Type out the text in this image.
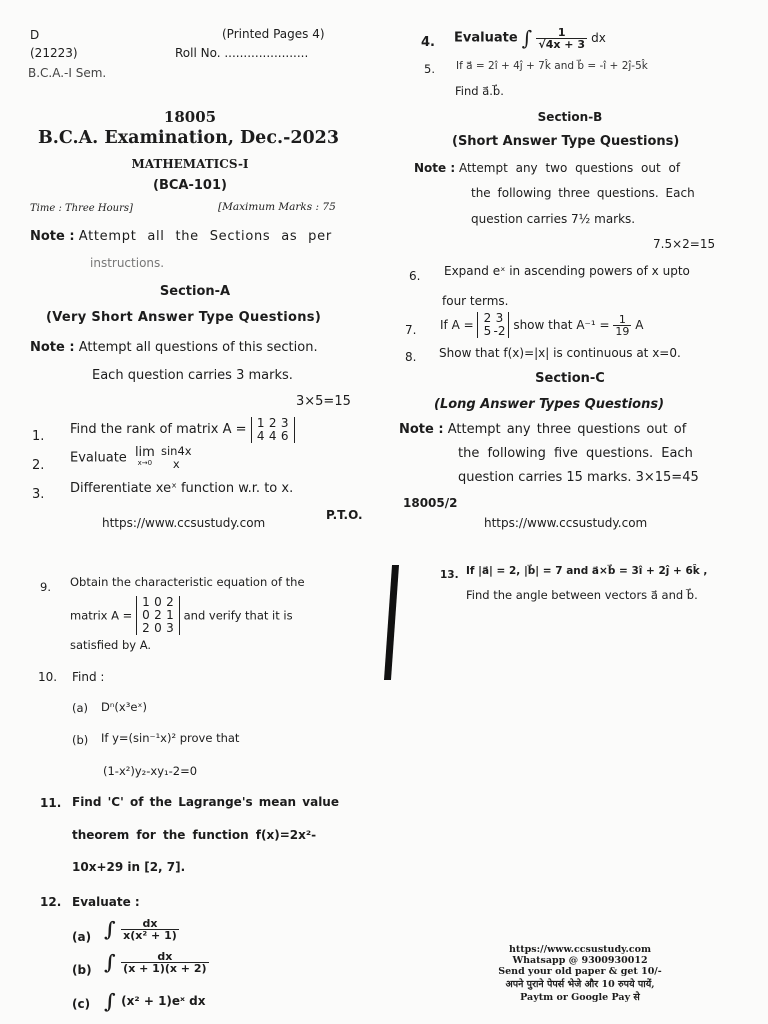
D	(Printed Pages 4)
(21223)	Roll No. ......................
B.C.A.-I Sem.
18005
B.C.A. Examination, Dec.-2023
MATHEMATICS-I
(BCA-101)
Time : Three Hours]	[Maximum Marks : 75
Note : Attempt all the Sections as per
instructions.
Section-A
(Very Short Answer Type Questions)
Note : Attempt all questions of this section.
Each question carries 3 marks.
3×5=15
1. Find the rank of matrix A = 1 2 3
4 4 6
2. Evaluate lim
x→0

sin4x
x
3. Differentiate xeˣ function w.r. to x.
P.T.O.
https://www.ccsustudy.com
4. Evaluate ∫ $\frac{1}{√4x + 3}$ dx
5. If a⃗ = 2î + 4ĵ + 7k̂ and b⃗ = -î + 2ĵ-5k̂
Find a⃗.b⃗.
Section-B
(Short Answer Type Questions)
Note : Attempt any two questions out of
the following three questions. Each
question carries 7½ marks.
7.5×2=15
6. Expand eˣ in ascending powers of x upto
four terms.
7. If A = 2 3
5 -2 show that $A^{-1} = \frac{1}{19}$ A
8. Show that f(x)=|x| is continuous at x=0.
Section-C
(Long Answer Types Questions)
Note : Attempt any three questions out of
the following five questions. Each
question carries 15 marks. 3×15=45
18005/2
https://www.ccsustudy.com
9. Obtain the characteristic equation of the
matrix A =
1 0 2
0 2 1
2 0 3
and verify that it is
satisfied by A.
10. Find :
(a) Dⁿ(x³eˣ)
(b) If y=(sin⁻¹x)² prove that
(1-x²)y₂-xy₁-2=0
11. Find 'C' of the Lagrange's mean value
theorem for the function f(x)=2x²-
10x+29 in [2, 7].
12. Evaluate :
(a) ∫ $\frac{dx}{\text{x(x² + 1)}}$
(b) ∫ $\frac{dx}{(x + 1)(x + 2)}$
(c) ∫ (x² + 1)eˣ dx
13. If |a⃗| = 2, |b⃗| = 7 and a⃗×b⃗ = 3î + 2ĵ + 6k̂ ,
Find the angle between vectors a⃗ and b⃗.
https://www.ccsustudy.com
Whatsapp @ 9300930012
Send your old paper & get 10/-
अपने पुराने पेपर्स भेजे और 10 रुपये पायें,
Paytm or Google Pay से
